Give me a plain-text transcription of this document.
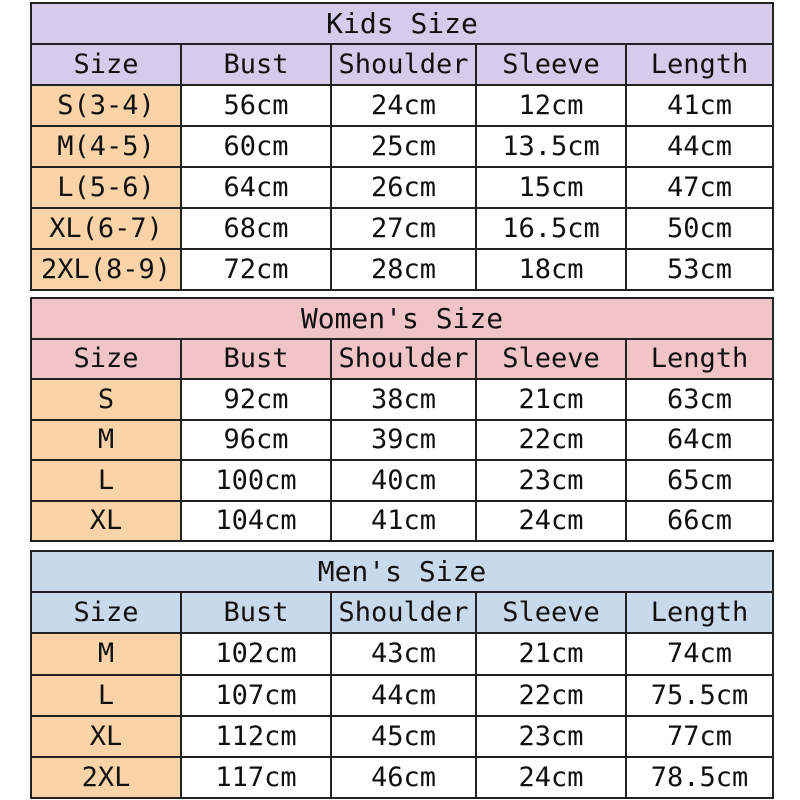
Kids Size				
Size	Bust	Shoulder	Sleeve	Length
S(3-4)	56cm	24cm	12cm	41cm
M(4-5)	60cm	25cm	13.5cm	44cm
L(5-6)	64cm	26cm	15cm	47cm
XL(6-7)	68cm	27cm	16.5cm	50cm
2XL(8-9)	72cm	28cm	18cm	53cm
Women's Size				
Size	Bust	Shoulder	Sleeve	Length
S	92cm	38cm	21cm	63cm
M	96cm	39cm	22cm	64cm
L	100cm	40cm	23cm	65cm
XL	104cm	41cm	24cm	66cm
Men's Size				
Size	Bust	Shoulder	Sleeve	Length
M	102cm	43cm	21cm	74cm
L	107cm	44cm	22cm	75.5cm
XL	112cm	45cm	23cm	77cm
2XL	117cm	46cm	24cm	78.5cm
